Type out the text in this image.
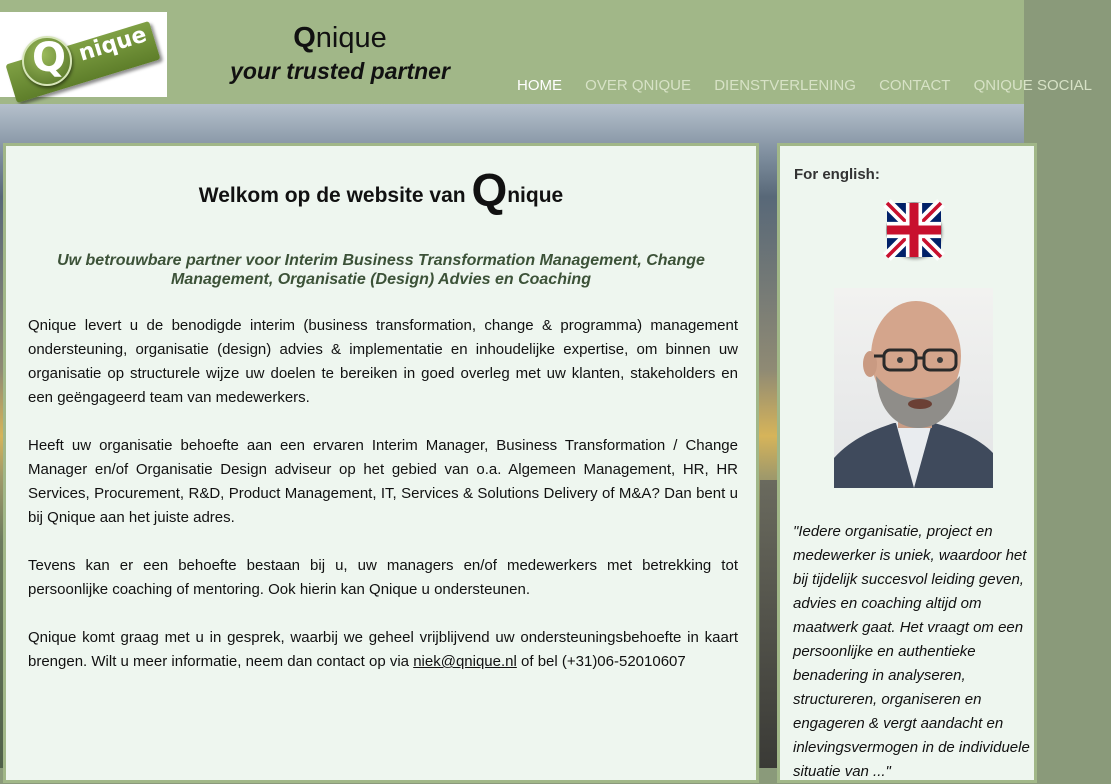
Q nique	Qnique
your trusted partner
HOME OVER QNIQUE DIENSTVERLENING CONTACT QNIQUE SOCIAL
Welkom op de website van Qnique
Uw betrouwbare partner voor Interim Business Transformation Management, Change Management, Organisatie (Design) Advies en Coaching

Qnique levert u de benodigde interim (business transformation, change & programma) management ondersteuning, organisatie (design) advies & implementatie en inhoudelijke expertise, om binnen uw organisatie op structurele wijze uw doelen te bereiken in goed overleg met uw klanten, stakeholders en een geëngageerd team van medewerkers.

Heeft uw organisatie behoefte aan een ervaren Interim Manager, Business Transformation / Change Manager en/of Organisatie Design adviseur op het gebied van o.a. Algemeen Management, HR, HR Services, Procurement, R&D, Product Management, IT, Services & Solutions Delivery of M&A? Dan bent u bij Qnique aan het juiste adres.

Tevens kan er een behoefte bestaan bij u, uw managers en/of medewerkers met betrekking tot persoonlijke coaching of mentoring. Ook hierin kan Qnique u ondersteunen.

Qnique komt graag met u in gesprek, waarbij we geheel vrijblijvend uw ondersteuningsbehoefte in kaart brengen. Wilt u meer informatie, neem dan contact op via niek@qnique.nl of bel (+31)06-52010607

For english:
"Iedere organisatie, project en medewerker is uniek, waardoor het bij tijdelijk succesvol leiding geven, advies en coaching altijd om maatwerk gaat. Het vraagt om een persoonlijke en authentieke benadering in analyseren, structureren, organiseren en engageren & vergt aandacht en inlevingsvermogen in de individuele situatie van ..."
